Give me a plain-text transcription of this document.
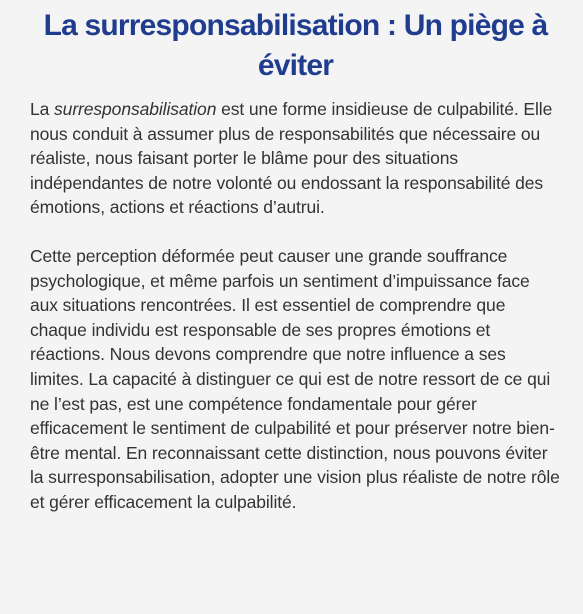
La surresponsabilisation : Un piège à éviter

La surresponsabilisation est une forme insidieuse de culpabilité. Elle nous conduit à assumer plus de responsabilités que nécessaire ou réaliste, nous faisant porter le blâme pour des situations indépendantes de notre volonté ou endossant la responsabilité des émotions, actions et réactions d’autrui.

Cette perception déformée peut causer une grande souffrance psychologique, et même parfois un sentiment d’impuissance face aux situations rencontrées. Il est essentiel de comprendre que chaque individu est responsable de ses propres émotions et réactions. Nous devons comprendre que notre influence a ses limites. La capacité à distinguer ce qui est de notre ressort de ce qui ne l’est pas, est une compétence fondamentale pour gérer efficacement le sentiment de culpabilité et pour préserver notre bien-être mental. En reconnaissant cette distinction, nous pouvons éviter la surresponsabilisation, adopter une vision plus réaliste de notre rôle et gérer efficacement la culpabilité.
